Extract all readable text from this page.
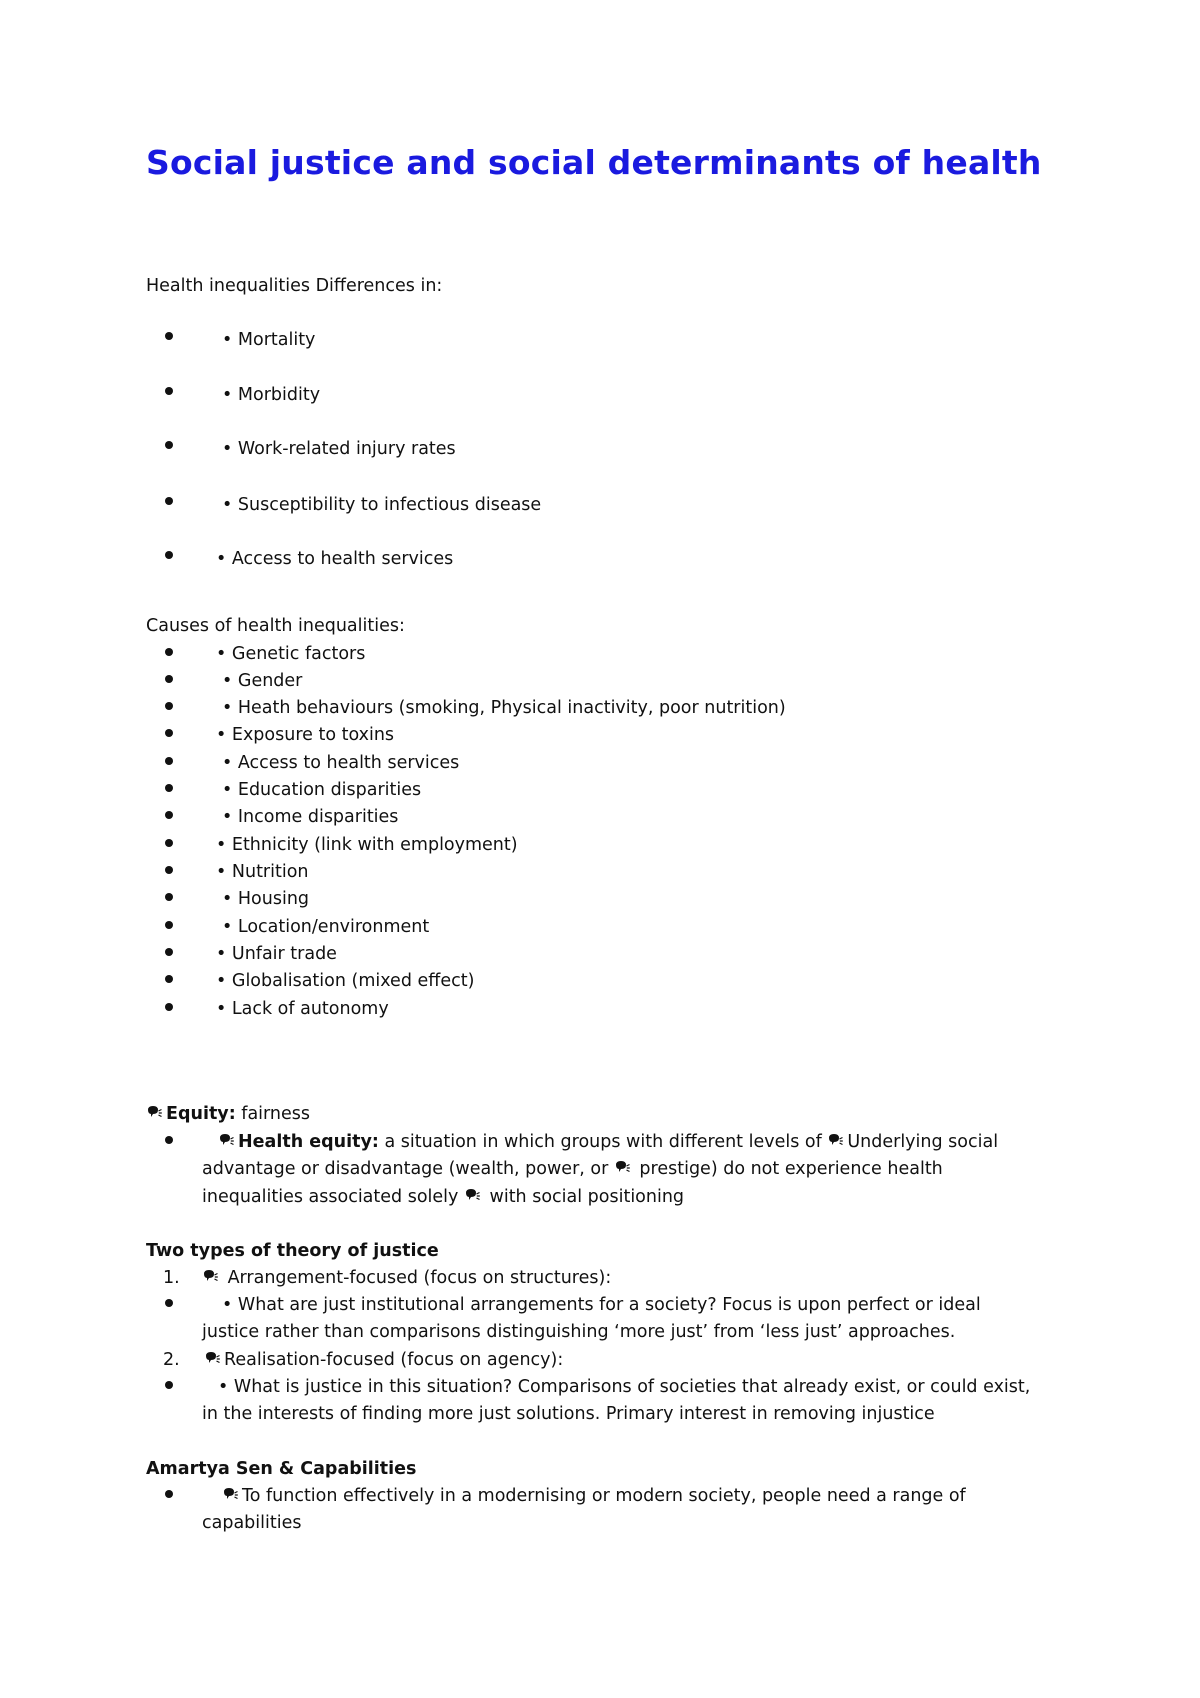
Social justice and social determinants of health
Health inequalities Differences in:
• Mortality
• Morbidity
• Work-related injury rates
• Susceptibility to infectious disease
• Access to health services
Causes of health inequalities:
• Genetic factors
• Gender
• Heath behaviours (smoking, Physical inactivity, poor nutrition)
• Exposure to toxins
• Access to health services
• Education disparities
• Income disparities
• Ethnicity (link with employment)
• Nutrition
• Housing
• Location/environment
• Unfair trade
• Globalisation (mixed effect)
• Lack of autonomy
Equity: fairness
Health equity: a situation in which groups with different levels of Underlying social
advantage or disadvantage (wealth, power, or  prestige) do not experience health
inequalities associated solely  with social positioning
Two types of theory of justice
1.	Arrangement-focused (focus on structures):
• What are just institutional arrangements for a society? Focus is upon perfect or ideal
justice rather than comparisons distinguishing ‘more just’ from ‘less just’ approaches.
2.	Realisation-focused (focus on agency):
• What is justice in this situation? Comparisons of societies that already exist, or could exist,
in the interests of finding more just solutions. Primary interest in removing injustice
Amartya Sen & Capabilities
To function effectively in a modernising or modern society, people need a range of
capabilities
